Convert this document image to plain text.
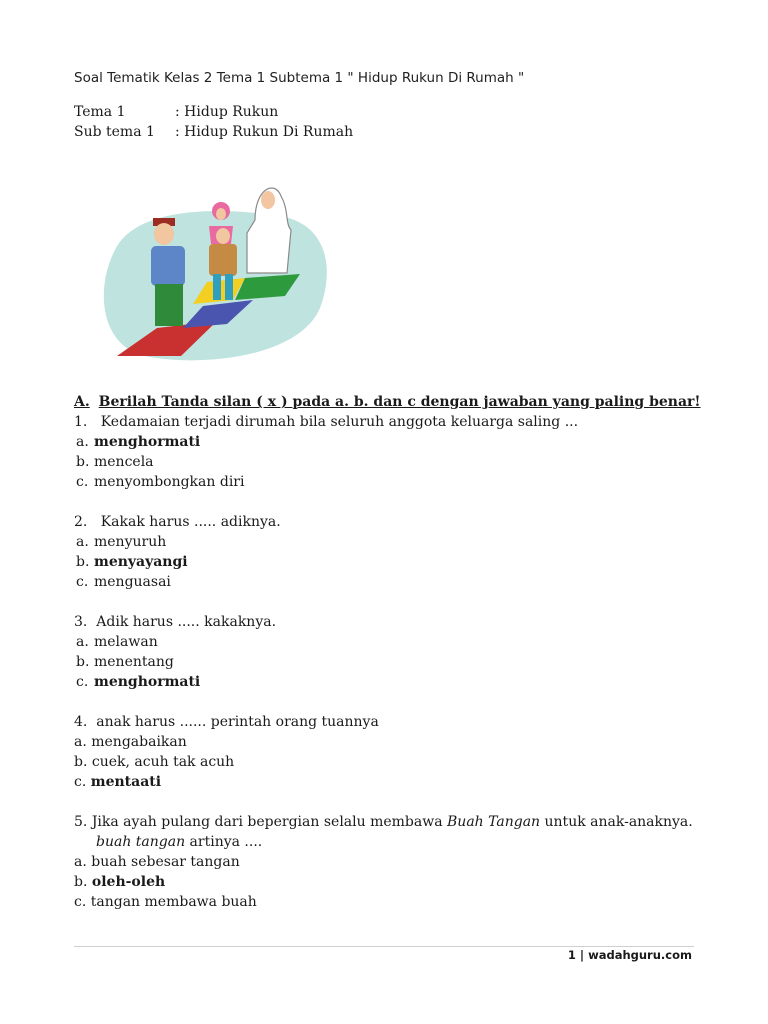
Soal Tematik Kelas 2 Tema 1 Subtema 1 " Hidup Rukun Di Rumah "
Tema 1	: Hidup Rukun
Sub tema 1 : Hidup Rukun Di Rumah
A. Berilah Tanda silan ( x ) pada a. b. dan c dengan jawaban yang paling benar!
1. Kedamaian terjadi dirumah bila seluruh anggota keluarga saling ...
a. menghormati
b. mencela
c. menyombongkan diri
2. Kakak harus ..... adiknya.
a. menyuruh
b. menyayangi
c. menguasai
3. Adik harus ..... kakaknya.
a. melawan
b. menentang
c. menghormati
4. anak harus ...... perintah orang tuannya
a. mengabaikan
b. cuek, acuh tak acuh
c. mentaati
5. Jika ayah pulang dari bepergian selalu membawa Buah Tangan untuk anak-anaknya.
buah tangan artinya ....
a. buah sebesar tangan
b. oleh-oleh
c. tangan membawa buah
1 | wadahguru.com
